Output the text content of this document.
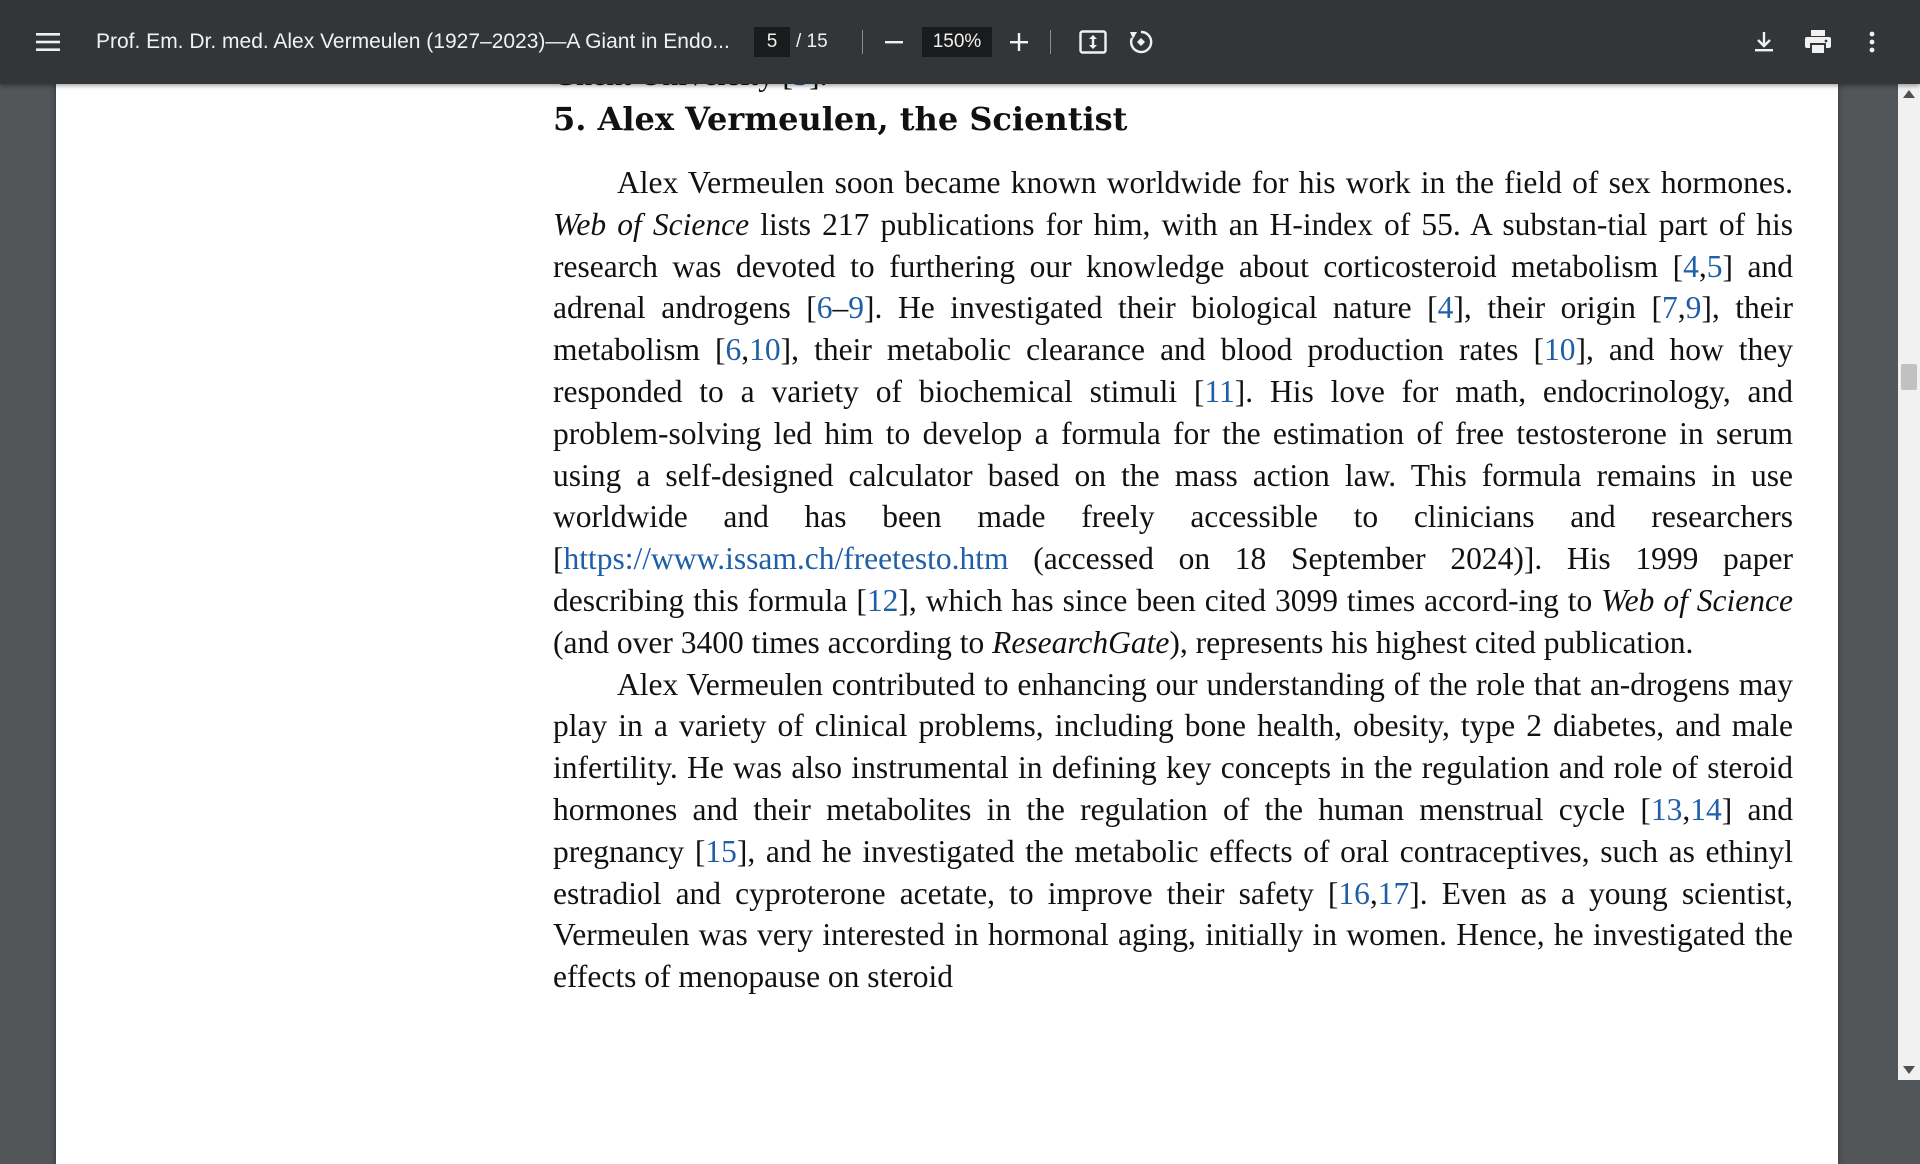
Prof. Em. Dr. med. Alex Vermeulen (1927–2023)—A Giant in Endo...
5	/ 15
150%
5. Alex Vermeulen, the Scientist

Alex Vermeulen soon became known worldwide for his work in the field of sex hormones. Web of Science lists 217 publications for him, with an H-index of 55. A substan-tial part of his research was devoted to furthering our knowledge about corticosteroid metabolism [4,5] and adrenal androgens [6–9]. He investigated their biological nature [4], their origin [7,9], their metabolism [6,10], their metabolic clearance and blood production rates [10], and how they responded to a variety of biochemical stimuli [11]. His love for math, endocrinology, and problem-solving led him to develop a formula for the estimation of free testosterone in serum using a self-designed calculator based on the mass action law. This formula remains in use worldwide and has been made freely accessible to clinicians and researchers [https://www.issam.ch/freetesto.htm (accessed on 18 September 2024)]. His 1999 paper describing this formula [12], which has since been cited 3099 times accord-ing to Web of Science (and over 3400 times according to ResearchGate), represents his highest cited publication.

Alex Vermeulen contributed to enhancing our understanding of the role that an-drogens may play in a variety of clinical problems, including bone health, obesity, type 2 diabetes, and male infertility. He was also instrumental in defining key concepts in the regulation and role of steroid hormones and their metabolites in the regulation of the human menstrual cycle [13,14] and pregnancy [15], and he investigated the metabolic effects of oral contraceptives, such as ethinyl estradiol and cyproterone acetate, to improve their safety [16,17]. Even as a young scientist, Vermeulen was very interested in hormonal aging, initially in women. Hence, he investigated the effects of menopause on steroid
